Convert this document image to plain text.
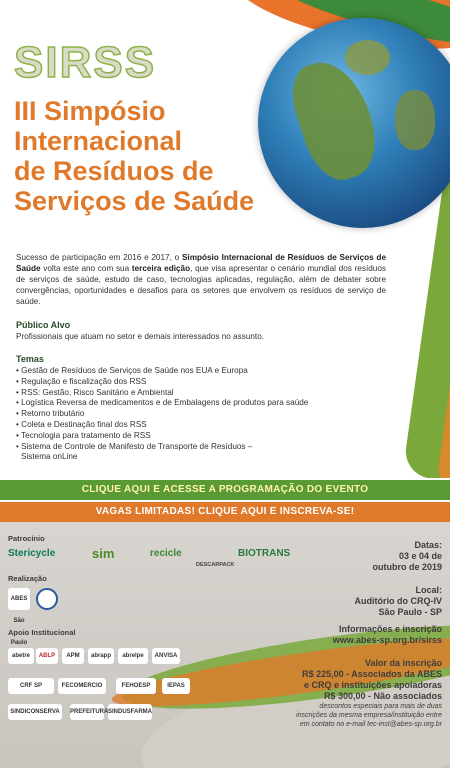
SIRSS
III Simpósio
Internacional
de Resíduos de
Serviços de Saúde
Sucesso de participação em 2016 e 2017, o Simpósio Internacional de Resíduos de Serviços de Saúde volta este ano com sua terceira edição, que visa apresentar o cenário mundial dos resíduos de serviços de saúde, estudo de caso, tecnologias aplicadas, regulação, além de debater sobre convergências, oportunidades e desafios para os setores que envolvem os resíduos de serviço de saúde.
Público Alvo
Profissionais que atuam no setor e demais interessados no assunto.
Temas
• Gestão de Resíduos de Serviços de Saúde nos EUA e Europa
• Regulação e fiscalização dos RSS
• RSS: Gestão, Risco Sanitário e Ambiental
• Logística Reversa de medicamentos e de Embalagens de produtos para saúde
• Retorno tributário
• Coleta e Destinação final dos RSS
• Tecnologia para tratamento de RSS
• Sistema de Controle de Manifesto de Transporte de Resíduos –
Sistema onLine
CLIQUE AQUI E ACESSE A PROGRAMAÇÃO DO EVENTO
VAGAS LIMITADAS! CLIQUE AQUI E INSCREVA-SE!
Patrocínio
Stericycle	sim	recicle
DESCARPACK
BIOTRANS
Realização
ABES São Paulo
Apoio Institucional
abetre	ABLP	APM	abrapp	abrelpe	ANVISA
CRF SP	FECOMERCIO	FEHOESP	IEPAS
SINDICONSERVA	PREFEITURA SINDUSFARMA
Datas:
03 e 04 de
outubro de 2019
Local:
Auditório do CRQ-IV
São Paulo - SP
Informações e inscrição
www.abes-sp.org.br/sirss
Valor da inscrição
R$ 225,00 - Associados da ABES
e CRQ e instituições apoiadoras
R$ 300,00 - Não associados
descontos especiais para mais de duas
inscrições da mesma empresa/instituição entre
em contato no e-mail tec-inst@abes-sp.org.br
